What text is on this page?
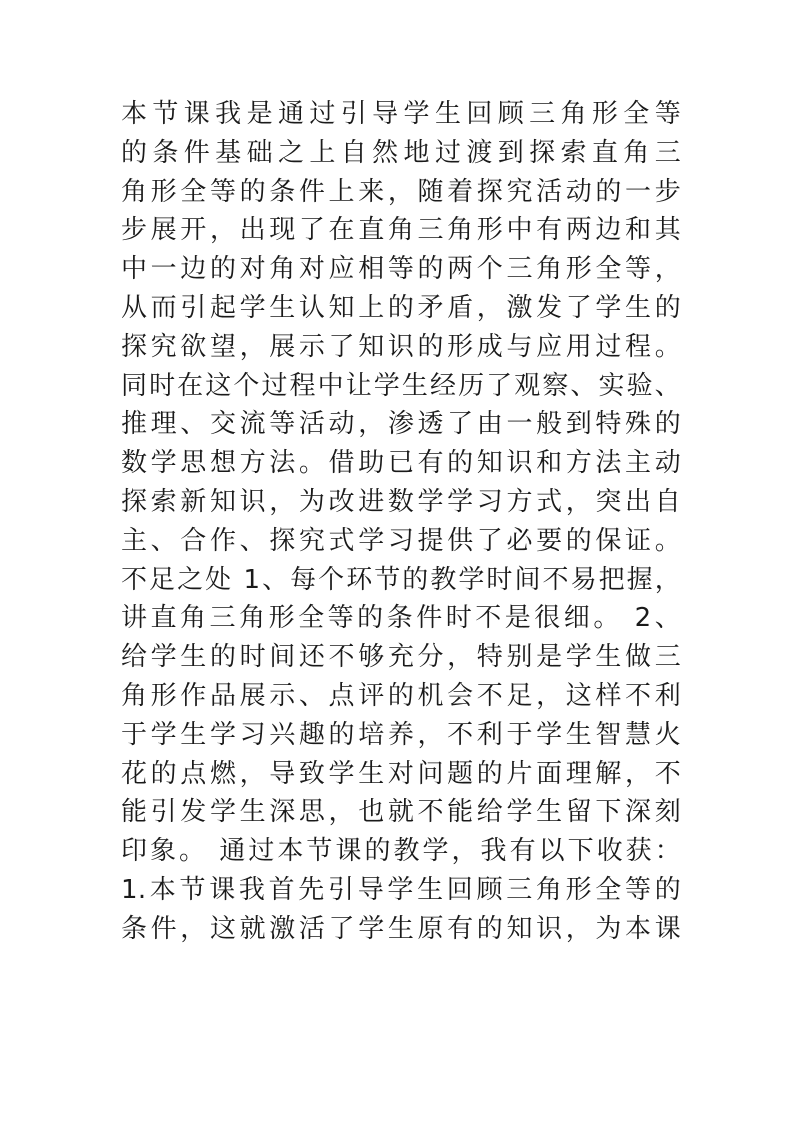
本节课我是通过引导学生回顾三角形全等
的条件基础之上自然地过渡到探索直角三
角形全等的条件上来，随着探究活动的一步
步展开，出现了在直角三角形中有两边和其
中一边的对角对应相等的两个三角形全等，
从而引起学生认知上的矛盾，激发了学生的
探究欲望，展示了知识的形成与应用过程。
同时在这个过程中让学生经历了观察、实验、
推理、交流等活动，渗透了由一般到特殊的
数学思想方法。借助已有的知识和方法主动
探索新知识，为改进数学学习方式，突出自
主、合作、探究式学习提供了必要的保证。
不足之处 1、每个环节的教学时间不易把握，
讲直角三角形全等的条件时不是很细。 2、
给学生的时间还不够充分，特别是学生做三
角形作品展示、点评的机会不足，这样不利
于学生学习兴趣的培养，不利于学生智慧火
花的点燃，导致学生对问题的片面理解，不
能引发学生深思，也就不能给学生留下深刻
印象。 通过本节课的教学，我有以下收获：
1.本节课我首先引导学生回顾三角形全等的
条件，这就激活了学生原有的知识，为本课
